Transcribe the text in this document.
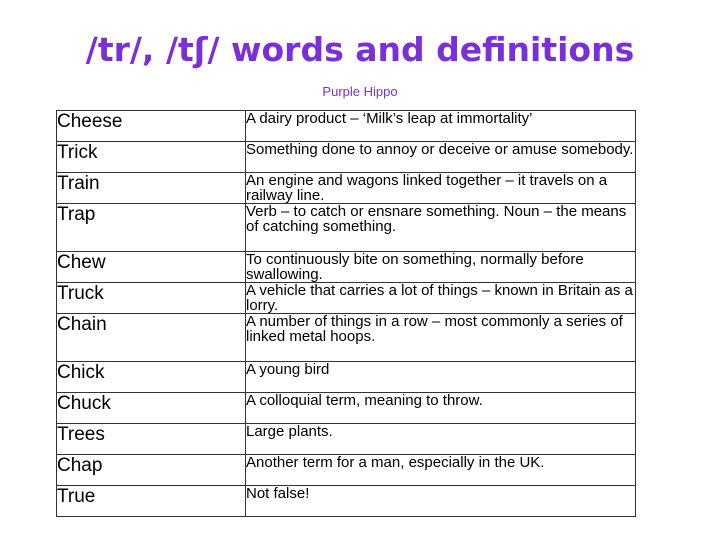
/tr/, /tʃ/ words and definitions
Purple Hippo
Cheese	A dairy product – ‘Milk’s leap at immortality’
Trick	Something done to annoy or deceive or amuse somebody.
Train	An engine and wagons linked together – it travels on a railway line.
Trap	Verb – to catch or ensnare something. Noun – the means of catching something.
Chew	To continuously bite on something, normally before swallowing.
Truck	A vehicle that carries a lot of things – known in Britain as a lorry.
Chain	A number of things in a row – most commonly a series of linked metal hoops.
Chick	A young bird
Chuck	A colloquial term, meaning to throw.
Trees	Large plants.
Chap	Another term for a man, especially in the UK.
True	Not false!
